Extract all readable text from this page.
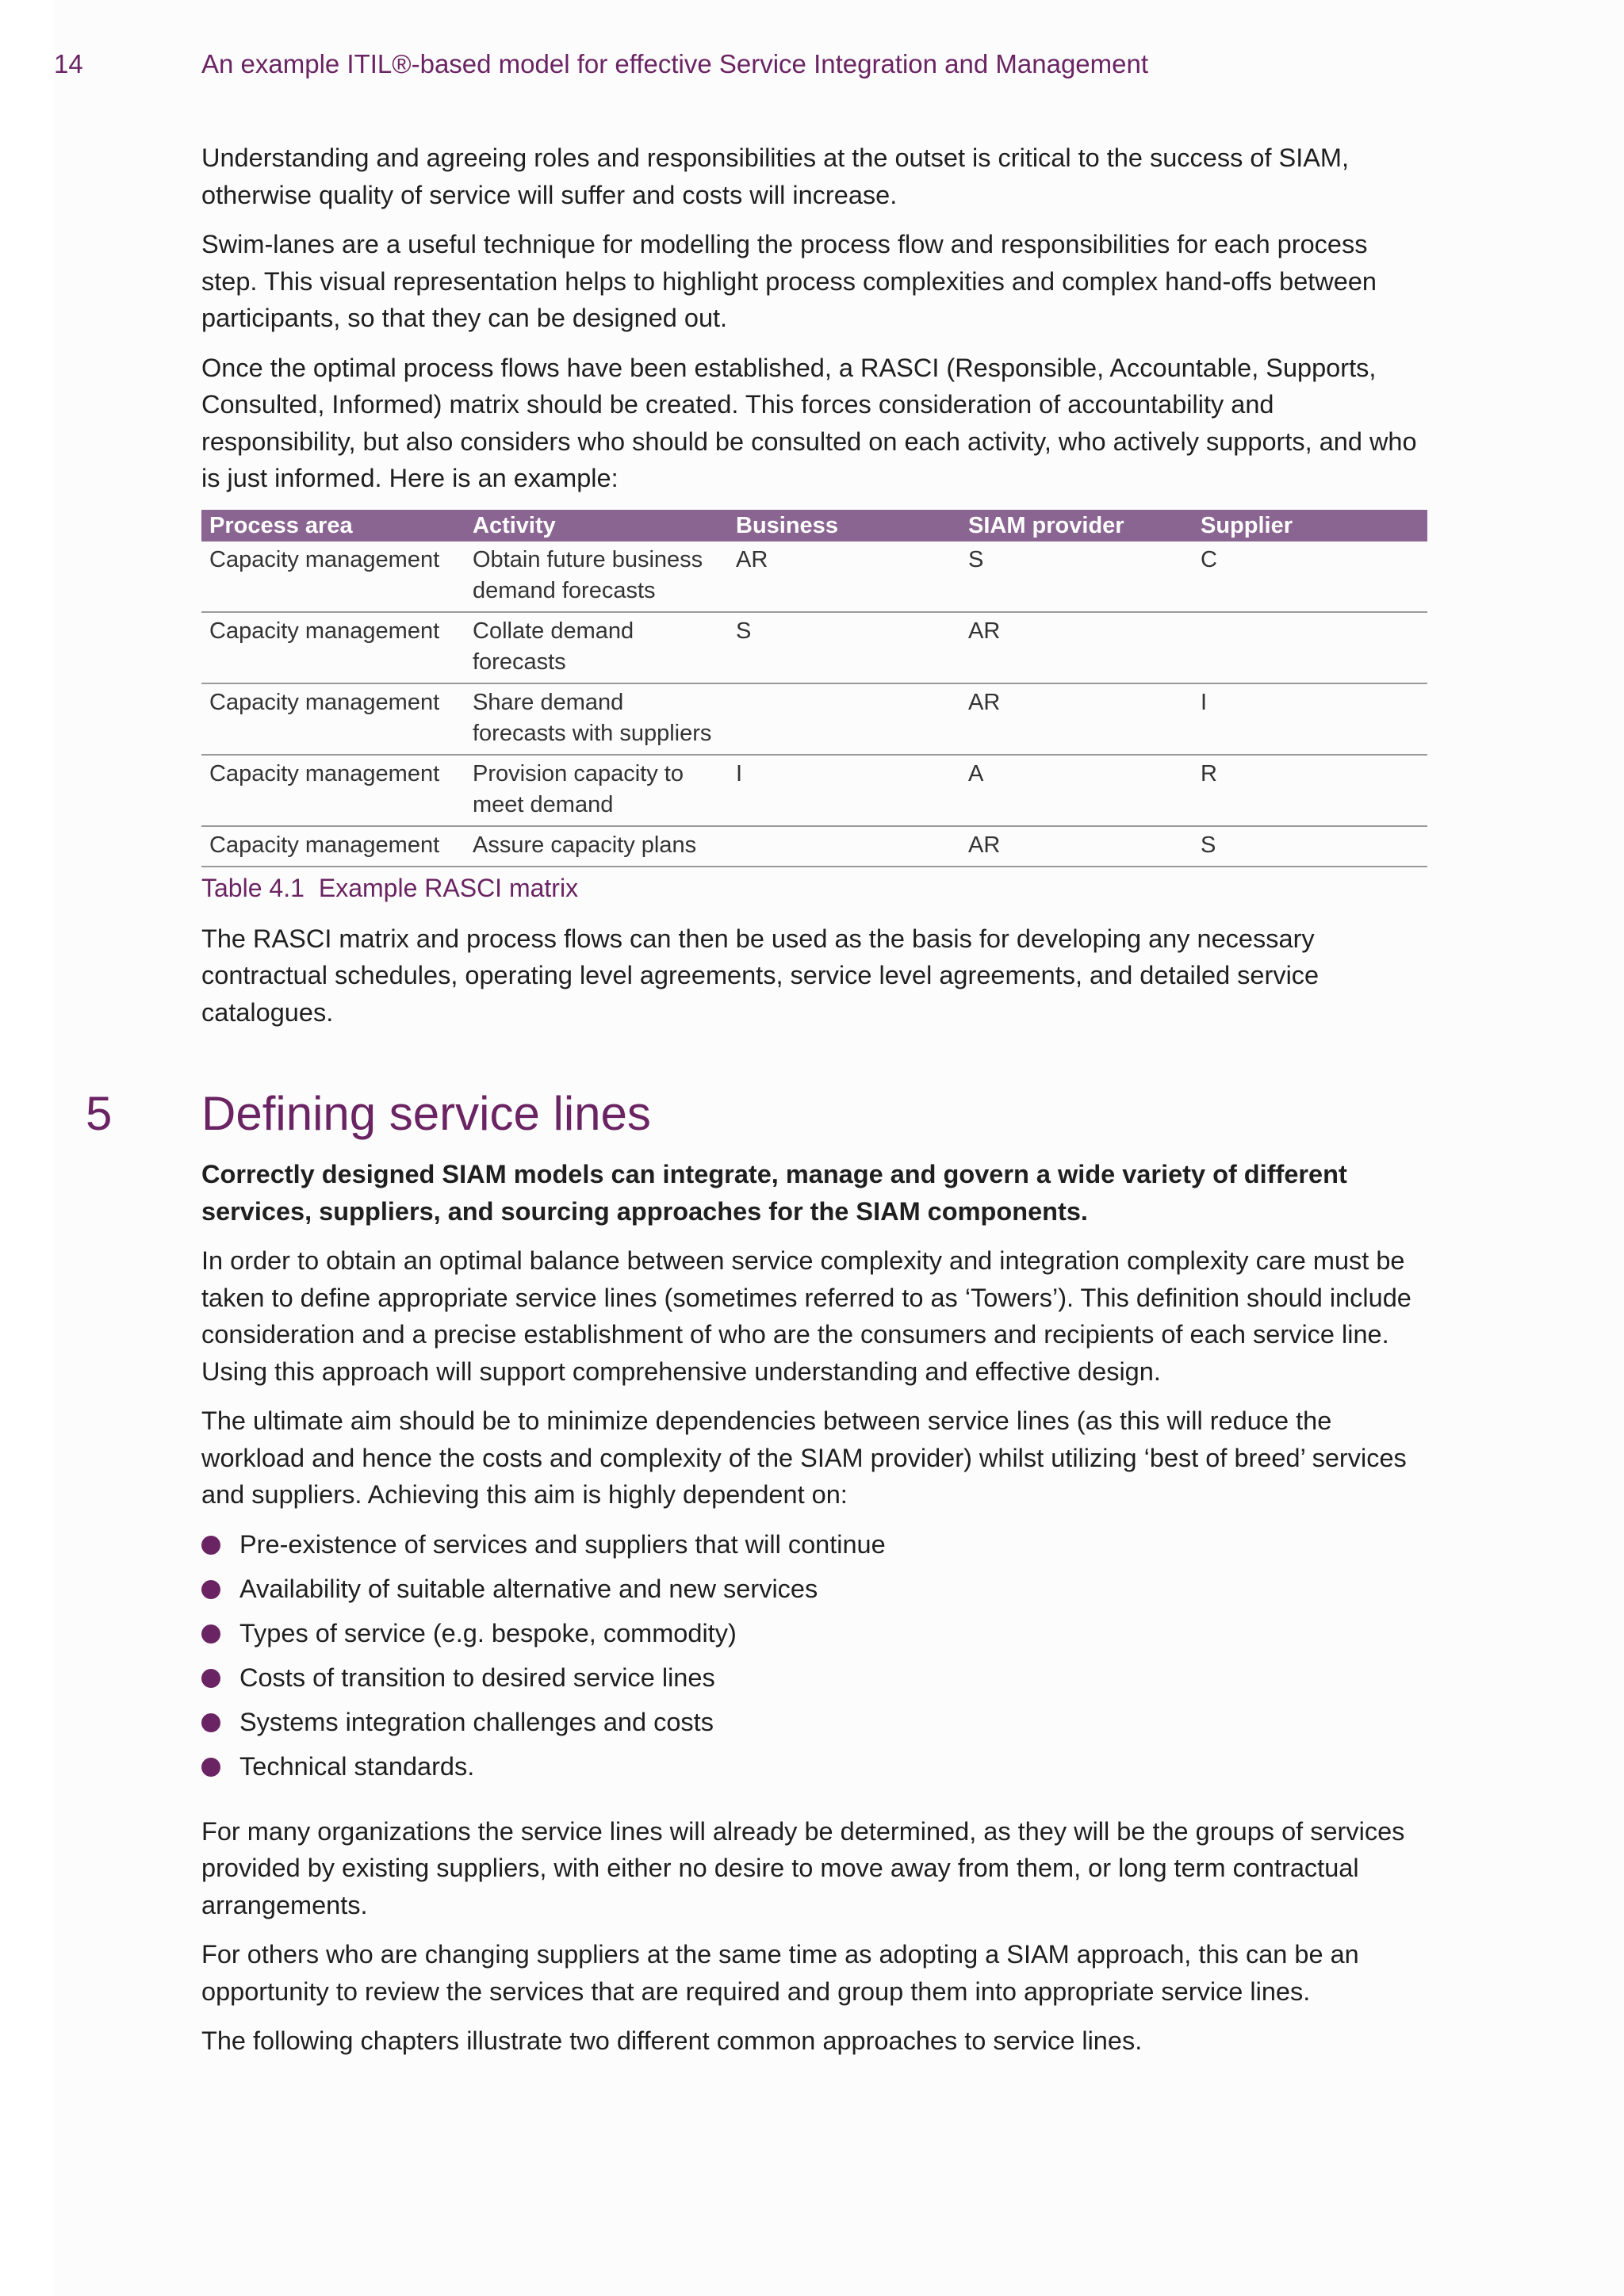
14	An example ITIL®-based model for effective Service Integration and Management

Understanding and agreeing roles and responsibilities at the outset is critical to the success of SIAM, otherwise quality of service will suffer and costs will increase.

Swim-lanes are a useful technique for modelling the process flow and responsibilities for each process step. This visual representation helps to highlight process complexities and complex hand-offs between participants, so that they can be designed out.

Once the optimal process flows have been established, a RASCI (Responsible, Accountable, Supports, Consulted, Informed) matrix should be created. This forces consideration of accountability and responsibility, but also considers who should be consulted on each activity, who actively supports, and who is just informed. Here is an example:

Process area	Activity	Business	SIAM provider	Supplier
Capacity management	Obtain future business demand forecasts	AR	S	C
Capacity management	Collate demand forecasts	S	AR	
Capacity management	Share demand forecasts with suppliers		AR	I
Capacity management	Provision capacity to meet demand	I	A	R
Capacity management	Assure capacity plans		AR	S
Table 4.1 Example RASCI matrix

The RASCI matrix and process flows can then be used as the basis for developing any necessary contractual schedules, operating level agreements, service level agreements, and detailed service catalogues.

5 Defining service lines

Correctly designed SIAM models can integrate, manage and govern a wide variety of different services, suppliers, and sourcing approaches for the SIAM components.

In order to obtain an optimal balance between service complexity and integration complexity care must be taken to define appropriate service lines (sometimes referred to as ‘Towers’). This definition should include consideration and a precise establishment of who are the consumers and recipients of each service line. Using this approach will support comprehensive understanding and effective design.

The ultimate aim should be to minimize dependencies between service lines (as this will reduce the workload and hence the costs and complexity of the SIAM provider) whilst utilizing ‘best of breed’ services and suppliers. Achieving this aim is highly dependent on:

Pre-existence of services and suppliers that will continue
Availability of suitable alternative and new services
Types of service (e.g. bespoke, commodity)
Costs of transition to desired service lines
Systems integration challenges and costs
Technical standards.

For many organizations the service lines will already be determined, as they will be the groups of services provided by existing suppliers, with either no desire to move away from them, or long term contractual arrangements.

For others who are changing suppliers at the same time as adopting a SIAM approach, this can be an opportunity to review the services that are required and group them into appropriate service lines.

The following chapters illustrate two different common approaches to service lines.
